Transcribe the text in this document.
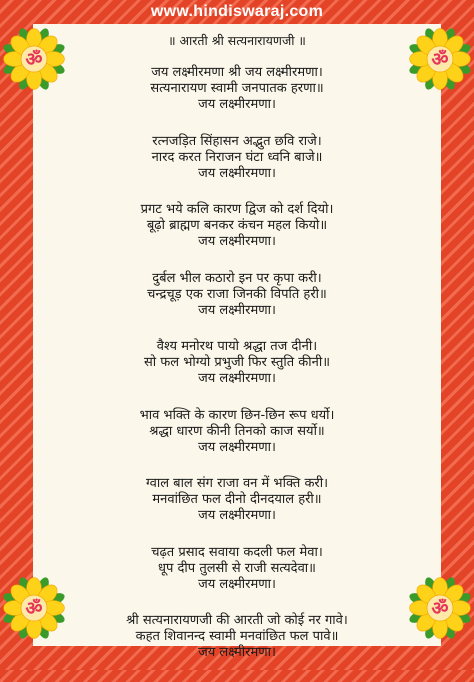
www.hindiswaraj.com
॥ आरती श्री सत्यनारायणजी ॥
जय लक्ष्मीरमणा श्री जय लक्ष्मीरमणा।
सत्यनारायण स्वामी जनपातक हरणा॥
जय लक्ष्मीरमणा।
रत्नजड़ित सिंहासन अद्भुत छवि राजे।
नारद करत निराजन घंटा ध्वनि बाजे॥
जय लक्ष्मीरमणा।
प्रगट भये कलि कारण द्विज को दर्श दियो।
बूढ़ो ब्राह्मण बनकर कंचन महल कियो॥
जय लक्ष्मीरमणा।
दुर्बल भील कठारो इन पर कृपा करी।
चन्द्रचूड़ एक राजा जिनकी विपति हरी॥
जय लक्ष्मीरमणा।
वैश्य मनोरथ पायो श्रद्धा तज दीनी।
सो फल भोग्यो प्रभुजी फिर स्तुति कीनी॥
जय लक्ष्मीरमणा।
भाव भक्ति के कारण छिन-छिन रूप धर्यो।
श्रद्धा धारण कीनी तिनको काज सर्यो॥
जय लक्ष्मीरमणा।
ग्वाल बाल संग राजा वन में भक्ति करी।
मनवांछित फल दीनो दीनदयाल हरी॥
जय लक्ष्मीरमणा।
चढ़त प्रसाद सवाया कदली फल मेवा।
धूप दीप तुलसी से राजी सत्यदेवा॥
जय लक्ष्मीरमणा।
श्री सत्यनारायणजी की आरती जो कोई नर गावे।
कहत शिवानन्द स्वामी मनवांछित फल पावे॥
जय लक्ष्मीरमणा।
ॐ	ॐ
ॐ	ॐ
